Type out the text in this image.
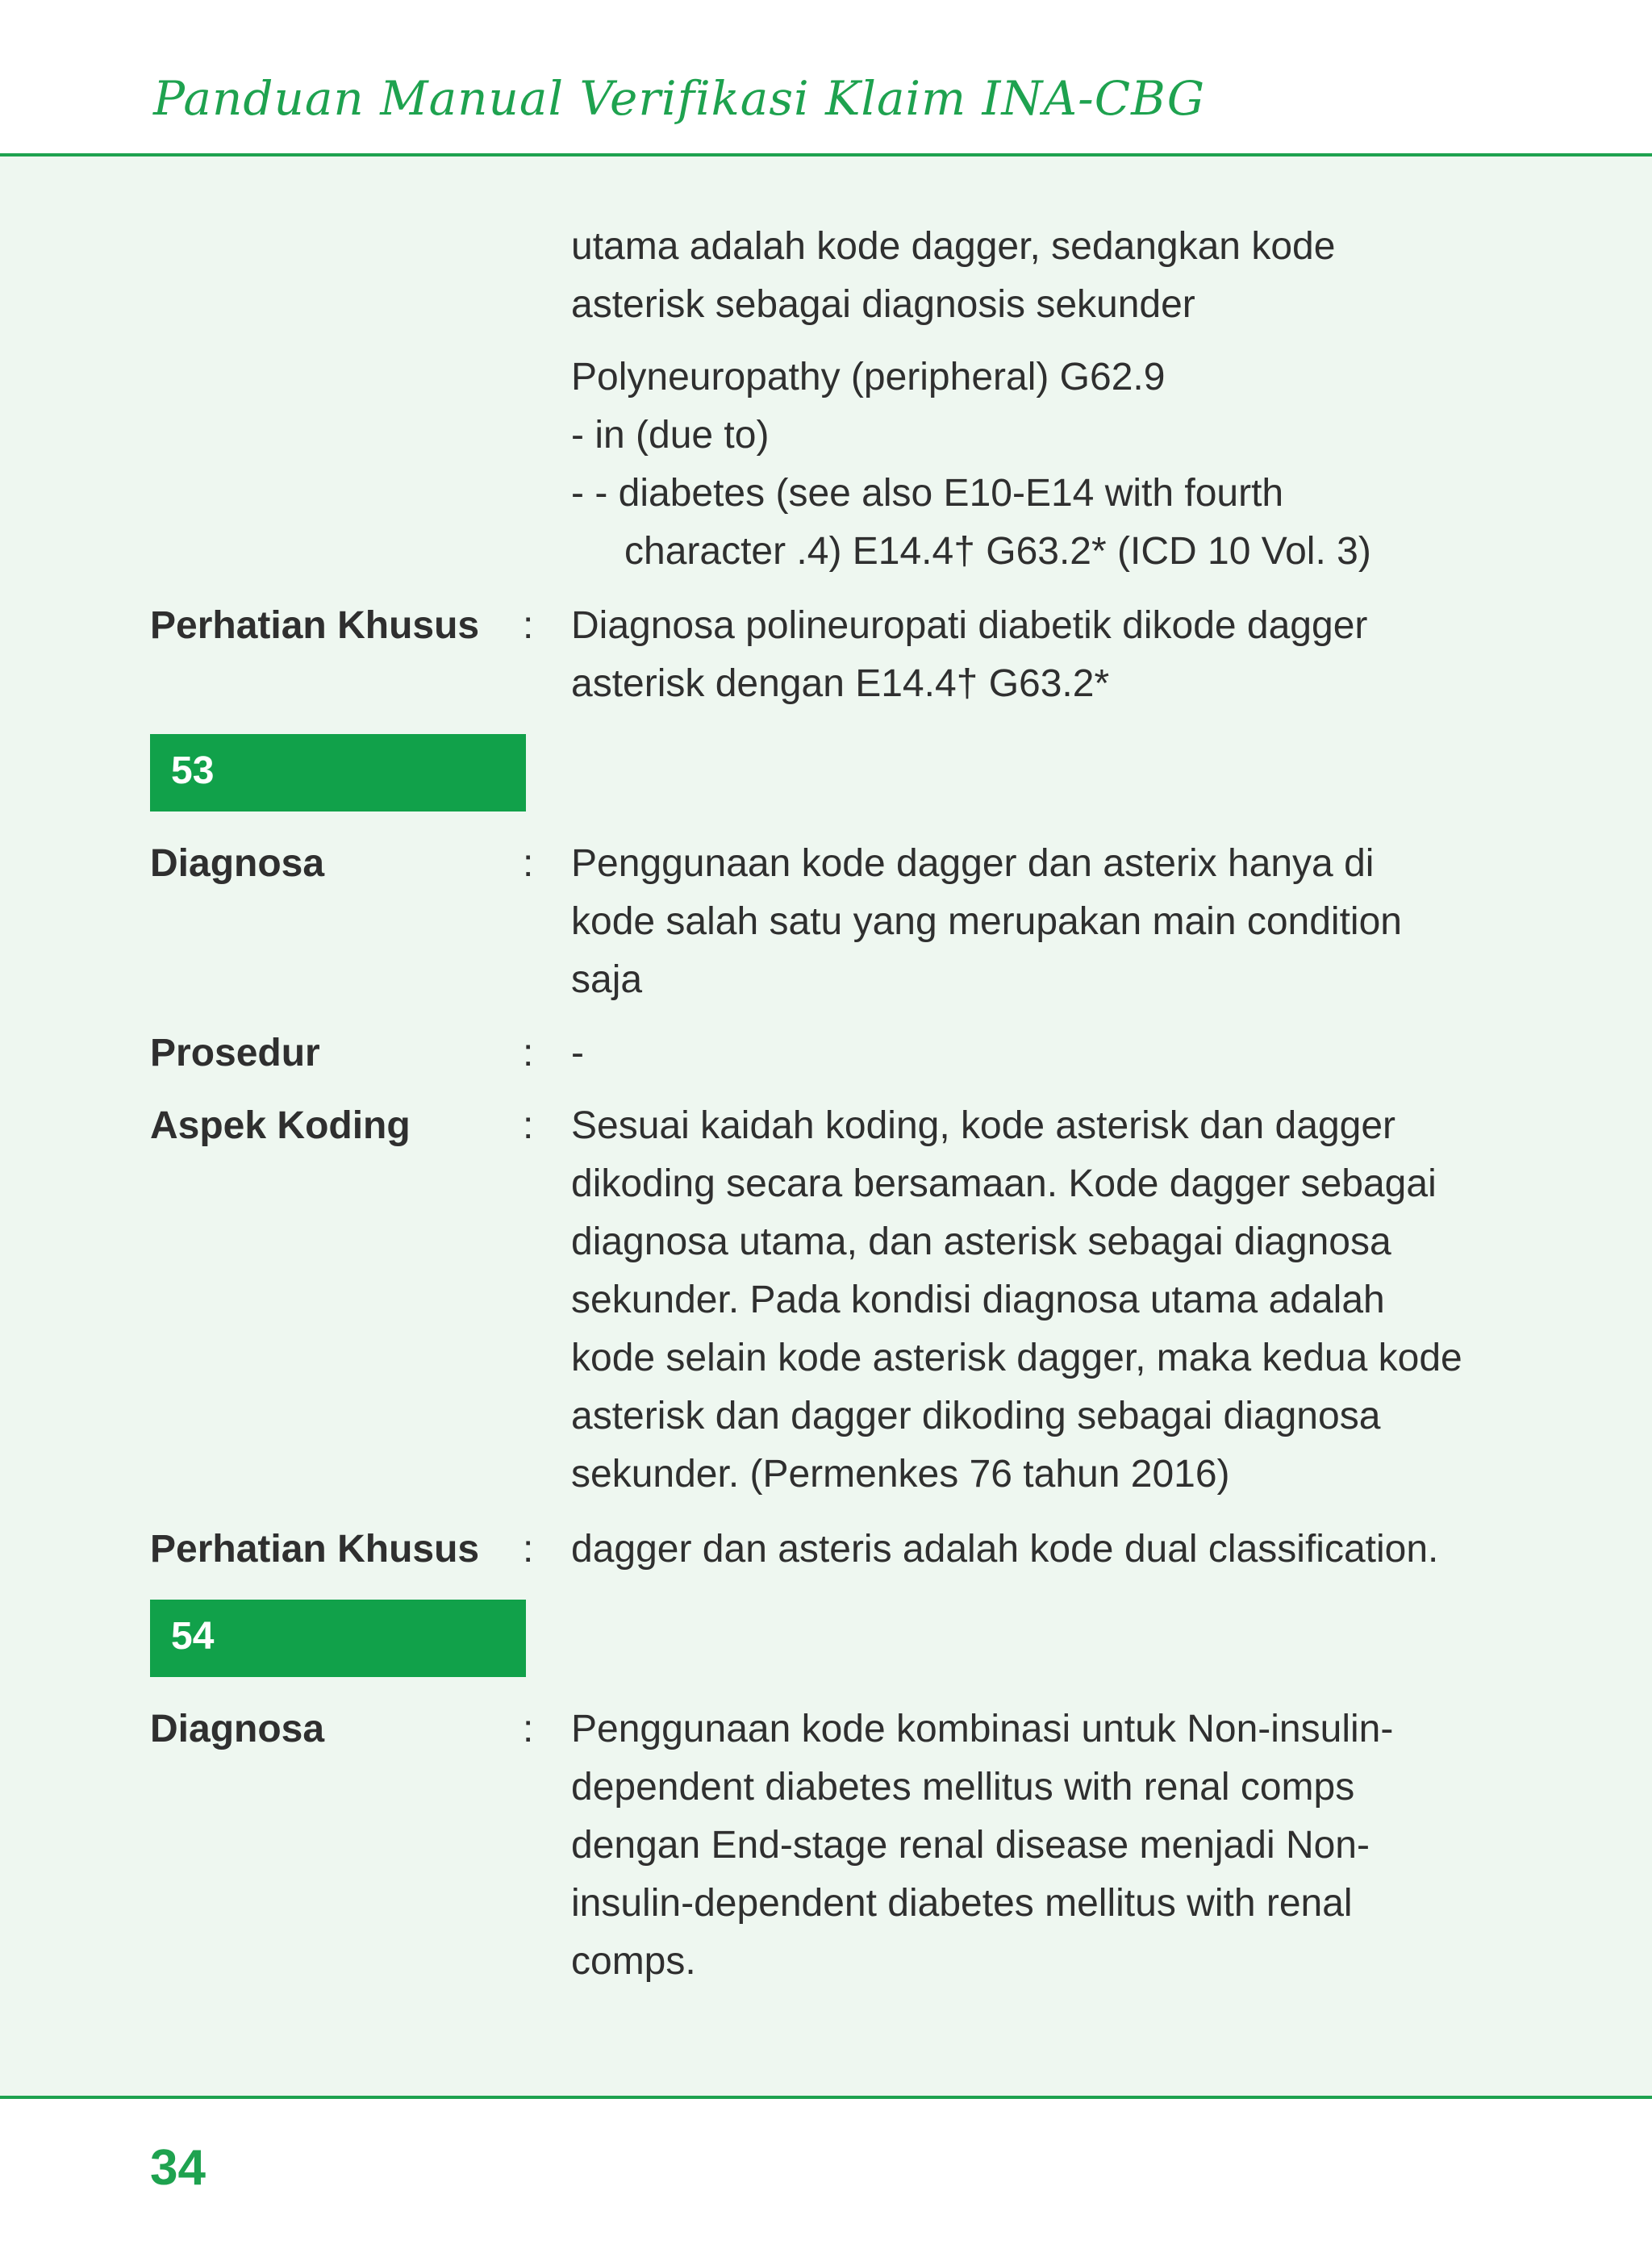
Panduan Manual Verifikasi Klaim INA-CBG
utama adalah kode dagger, sedangkan kode
asterisk sebagai diagnosis sekunder
Polyneuropathy (peripheral) G62.9
- in (due to)
- - diabetes (see also E10-E14 with fourth
character .4) E14.4† G63.2* (ICD 10 Vol. 3)
Perhatian Khusus : Diagnosa polineuropati diabetik dikode dagger
asterisk dengan E14.4† G63.2*
53
Diagnosa	: Penggunaan kode dagger dan asterix hanya di
kode salah satu yang merupakan main condition
saja
Prosedur	: -
Aspek Koding	: Sesuai kaidah koding, kode asterisk dan dagger
dikoding secara bersamaan. Kode dagger sebagai
diagnosa utama, dan asterisk sebagai diagnosa
sekunder. Pada kondisi diagnosa utama adalah
kode selain kode asterisk dagger, maka kedua kode
asterisk dan dagger dikoding sebagai diagnosa
sekunder. (Permenkes 76 tahun 2016)
Perhatian Khusus : dagger dan asteris adalah kode dual classification.
54
Diagnosa	: Penggunaan kode kombinasi untuk Non-insulin-
dependent diabetes mellitus with renal comps
dengan End-stage renal disease menjadi Non-
insulin-dependent diabetes mellitus with renal
comps.
34
